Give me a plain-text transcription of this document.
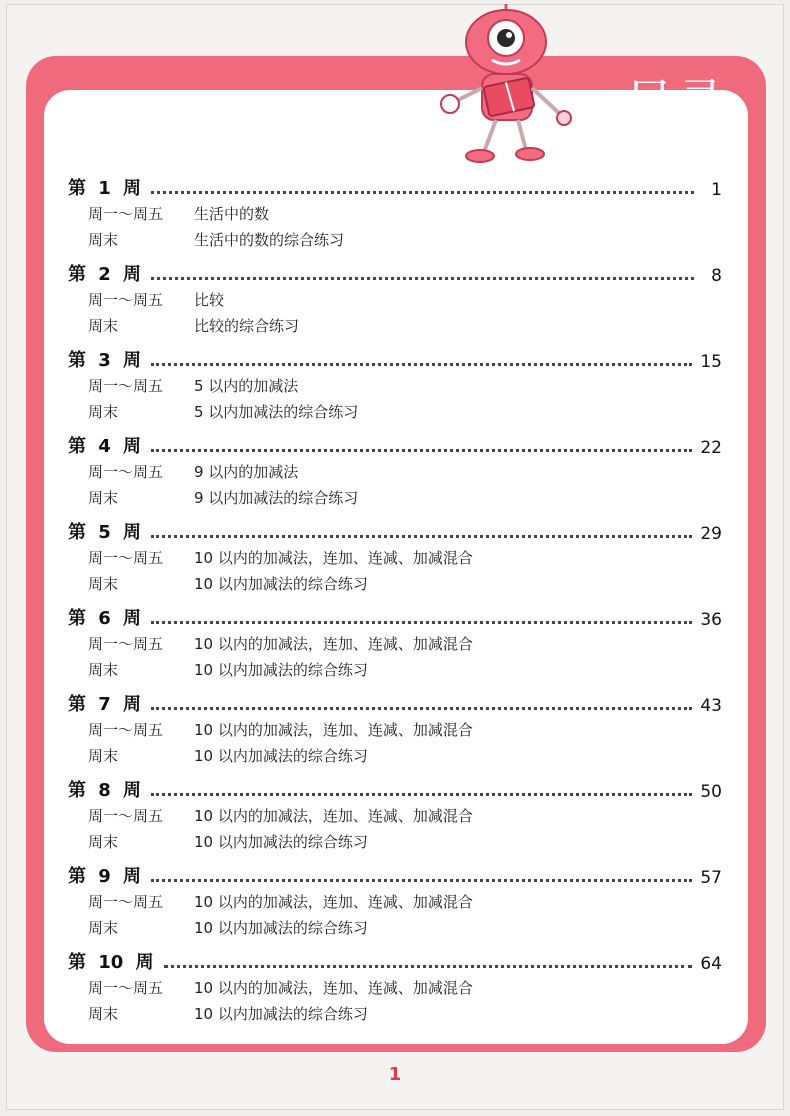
目录
第 1 周	1
周一～周五	生活中的数
周末	生活中的数的综合练习
第 2 周	8
周一～周五	比较
周末	比较的综合练习
第 3 周	15
周一～周五	5 以内的加减法
周末	5 以内加减法的综合练习
第 4 周	22
周一～周五	9 以内的加减法
周末	9 以内加减法的综合练习
第 5 周	29
周一～周五	10 以内的加减法，连加、连减、加减混合
周末	10 以内加减法的综合练习
第 6 周	36
周一～周五	10 以内的加减法，连加、连减、加减混合
周末	10 以内加减法的综合练习
第 7 周	43
周一～周五	10 以内的加减法，连加、连减、加减混合
周末	10 以内加减法的综合练习
第 8 周	50
周一～周五	10 以内的加减法，连加、连减、加减混合
周末	10 以内加减法的综合练习
第 9 周	57
周一～周五	10 以内的加减法，连加、连减、加减混合
周末	10 以内加减法的综合练习
第 10 周	64
周一～周五	10 以内的加减法，连加、连减、加减混合
周末	10 以内加减法的综合练习
1
